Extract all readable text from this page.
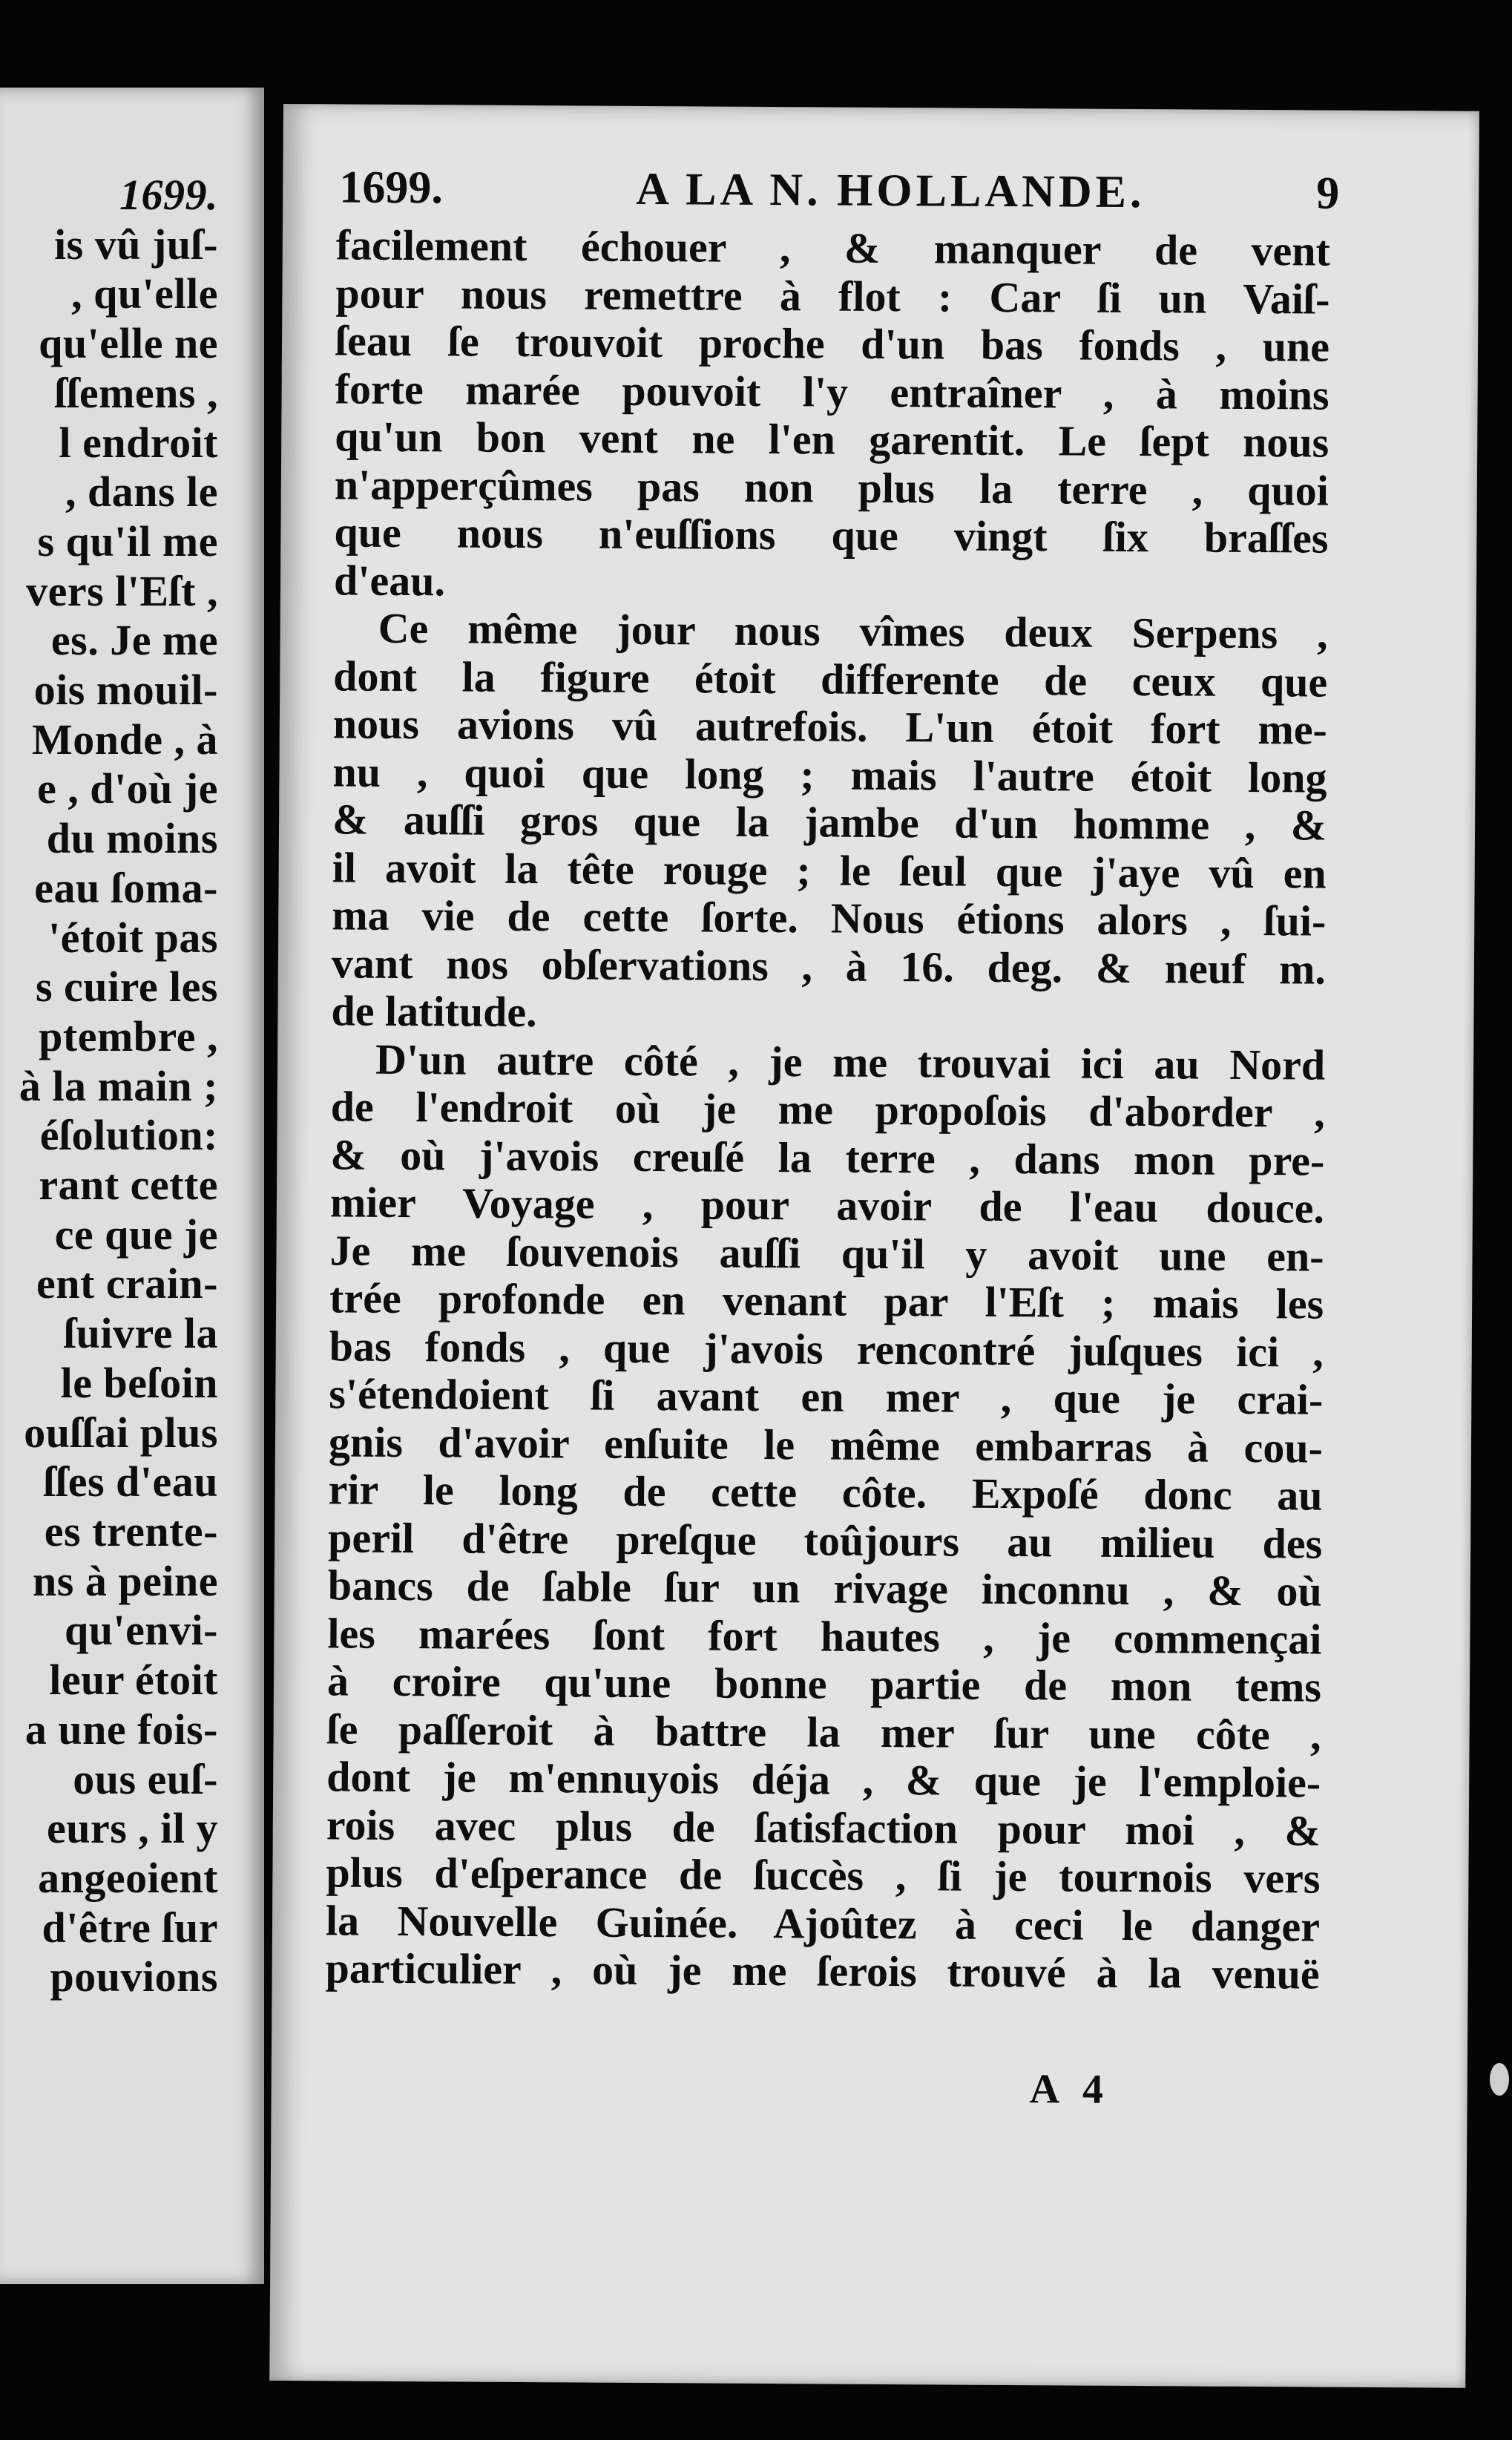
1699.
is vû juſ-
, qu'elle
qu'elle ne
ſſemens ,
l endroit
, dans le
s qu'il me
vers l'Eſt ,
es. Je me
ois mouil-
Monde , à
e , d'où je
du moins
eau ſoma-
'étoit pas
s cuire les
ptembre ,
à la main ;
éſolution:
rant cette
ce que je
ent crain-
ſuivre la
le beſoin
ouſſai plus
ſſes d'eau
es trente-
ns à peine
qu'envi-
leur étoit
a une fois-
ous euſ-
eurs , il y
angeoient
d'être ſur
pouvions
1699.	A LA N. HOLLANDE.	9
facilement échouer , & manquer de vent
pour nous remettre à flot : Car ſi un Vaiſ-
ſeau ſe trouvoit proche d'un bas fonds , une
forte marée pouvoit l'y entraîner , à moins
qu'un bon vent ne l'en garentit. Le ſept nous
n'apperçûmes pas non plus la terre , quoi
que nous n'euſſions que vingt ſix braſſes
d'eau.
Ce même jour nous vîmes deux Serpens ,
dont la figure étoit differente de ceux que
nous avions vû autrefois. L'un étoit fort me-
nu , quoi que long ; mais l'autre étoit long
& auſſi gros que la jambe d'un homme , &
il avoit la tête rouge ; le ſeul que j'aye vû en
ma vie de cette ſorte. Nous étions alors , ſui-
vant nos obſervations , à 16. deg. & neuf m.
de latitude.
D'un autre côté , je me trouvai ici au Nord
de l'endroit où je me propoſois d'aborder ,
& où j'avois creuſé la terre , dans mon pre-
mier Voyage , pour avoir de l'eau douce.
Je me ſouvenois auſſi qu'il y avoit une en-
trée profonde en venant par l'Eſt ; mais les
bas fonds , que j'avois rencontré juſques ici ,
s'étendoient ſi avant en mer , que je crai-
gnis d'avoir enſuite le même embarras à cou-
rir le long de cette côte. Expoſé donc au
peril d'être preſque toûjours au milieu des
bancs de ſable ſur un rivage inconnu , & où
les marées ſont fort hautes , je commençai
à croire qu'une bonne partie de mon tems
ſe paſſeroit à battre la mer ſur une côte ,
dont je m'ennuyois déja , & que je l'emploie-
rois avec plus de ſatisfaction pour moi , &
plus d'eſperance de ſuccès , ſi je tournois vers
la Nouvelle Guinée. Ajoûtez à ceci le danger
particulier , où je me ſerois trouvé à la venuë
A 4
